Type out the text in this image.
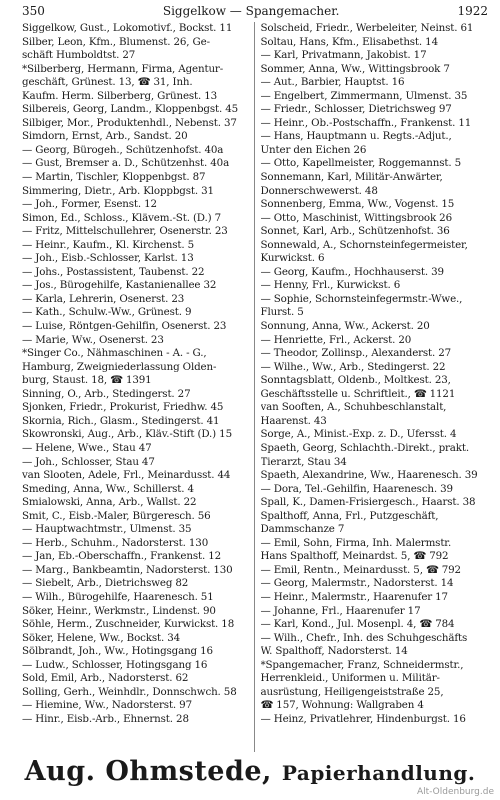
350	Siggelkow — Spangemacher.	1922
Siggelkow, Gust., Lokomotivf., Bockst. 11
Silber, Leon, Kfm., Blumenst. 26, Ge-
schäft Humboldtst. 27
*Silberberg, Hermann, Firma, Agentur-
geschäft, Grünest. 13, ☎ 31, Inh.
Kaufm. Herm. Silberberg, Grünest. 13
Silbereis, Georg, Landm., Kloppenbgst. 45
Silbiger, Mor., Produktenhdl., Nebenst. 37
Simdorn, Ernst, Arb., Sandst. 20
— Georg, Bürogeh., Schützenhofst. 40a
— Gust, Bremser a. D., Schützenhst. 40a
— Martin, Tischler, Kloppenbgst. 87
Simmering, Dietr., Arb. Kloppbgst. 31
— Joh., Former, Esenst. 12
Simon, Ed., Schloss., Klävem.-St. (D.) 7
— Fritz, Mittelschullehrer, Osenerstr. 23
— Heinr., Kaufm., Kl. Kirchenst. 5
— Joh., Eisb.-Schlosser, Karlst. 13
— Johs., Postassistent, Taubenst. 22
— Jos., Bürogehilfe, Kastanienallee 32
— Karla, Lehrerin, Osenerst. 23
— Kath., Schulw.-Ww., Grünest. 9
— Luise, Röntgen-Gehilfin, Osenerst. 23
— Marie, Ww., Osenerst. 23
*Singer Co., Nähmaschinen - A. - G.,
Hamburg, Zweigniederlassung Olden-
burg, Staust. 18, ☎ 1391
Sinning, O., Arb., Stedingerst. 27
Sjonken, Friedr., Prokurist, Friedhw. 45
Skornia, Rich., Glasm., Stedingerst. 41
Skowronski, Aug., Arb., Kläv.-Stift (D.) 15
— Helene, Wwe., Stau 47
— Joh., Schlosser, Stau 47
van Slooten, Adele, Frl., Meinardusst. 44
Smeding, Anna, Ww., Schillerst. 4
Smialowski, Anna, Arb., Wallst. 22
Smit, C., Eisb.-Maler, Bürgeresch. 56
— Hauptwachtmstr., Ulmenst. 35
— Herb., Schuhm., Nadorsterst. 130
— Jan, Eb.-Oberschaffn., Frankenst. 12
— Marg., Bankbeamtin, Nadorsterst. 130
— Siebelt, Arb., Dietrichsweg 82
— Wilh., Bürogehilfe, Haarenesch. 51
Söker, Heinr., Werkmstr., Lindenst. 90
Söhle, Herm., Zuschneider, Kurwickst. 18
Söker, Helene, Ww., Bockst. 34
Sölbrandt, Joh., Ww., Hotingsgang 16
— Ludw., Schlosser, Hotingsgang 16
Sold, Emil, Arb., Nadorsterst. 62
Solling, Gerh., Weinhdlr., Donnschwch. 58
— Hiemine, Ww., Nadorsterst. 97
— Hinr., Eisb.-Arb., Ehnernst. 28
Solscheid, Friedr., Werbeleiter, Neinst. 61
Soltau, Hans, Kfm., Elisabethst. 14
— Karl, Privatmann, Jakobist. 17
Sommer, Anna, Ww., Wittingsbrook 7
— Aut., Barbier, Hauptst. 16
— Engelbert, Zimmermann, Ulmenst. 35
— Friedr., Schlosser, Dietrichsweg 97
— Heinr., Ob.-Postschaffn., Frankenst. 11
— Hans, Hauptmann u. Regts.-Adjut.,
Unter den Eichen 26
— Otto, Kapellmeister, Roggemannst. 5
Sonnemann, Karl, Militär-Anwärter,
Donnerschwewerst. 48
Sonnenberg, Emma, Ww., Vogenst. 15
— Otto, Maschinist, Wittingsbrook 26
Sonnet, Karl, Arb., Schützenhofst. 36
Sonnewald, A., Schornsteinfegermeister,
Kurwickst. 6
— Georg, Kaufm., Hochhauserst. 39
— Henny, Frl., Kurwickst. 6
— Sophie, Schornsteinfegermstr.-Wwe.,
Flurst. 5
Sonnung, Anna, Ww., Ackerst. 20
— Henriette, Frl., Ackerst. 20
— Theodor, Zollinsp., Alexanderst. 27
— Wilhe., Ww., Arb., Stedingerst. 22
Sonntagsblatt, Oldenb., Moltkest. 23,
Geschäftsstelle u. Schriftleit., ☎ 1121
van Sooften, A., Schuhbeschlanstalt,
Haarenst. 43
Sorge, A., Minist.-Exp. z. D., Ufersst. 4
Spaeth, Georg, Schlachth.-Direkt., prakt.
Tierarzt, Stau 34
Spaeth, Alexandrine, Ww., Haarenesch. 39
— Dora, Tel.-Gehilfin, Haarenesch. 39
Spall, K., Damen-Frisiergesch., Haarst. 38
Spalthoff, Anna, Frl., Putzgeschäft,
Dammschanze 7
— Emil, Sohn, Firma, Inh. Malermstr.
Hans Spalthoff, Meinardst. 5, ☎ 792
— Emil, Rentn., Meinardusst. 5, ☎ 792
— Georg, Malermstr., Nadorsterst. 14
— Heinr., Malermstr., Haarenufer 17
— Johanne, Frl., Haarenufer 17
— Karl, Kond., Jul. Mosenpl. 4, ☎ 784
— Wilh., Chefr., Inh. des Schuhgeschäfts
W. Spalthoff, Nadorsterst. 14
*Spangemacher, Franz, Schneidermstr.,
Herrenkleid., Uniformen u. Militär-
ausrüstung, Heiligengeiststraße 25,
☎ 157, Wohnung: Wallgraben 4
— Heinz, Privatlehrer, Hindenburgst. 16
Aug. Ohmstede, Papierhandlung.
Alt-Oldenburg.de
